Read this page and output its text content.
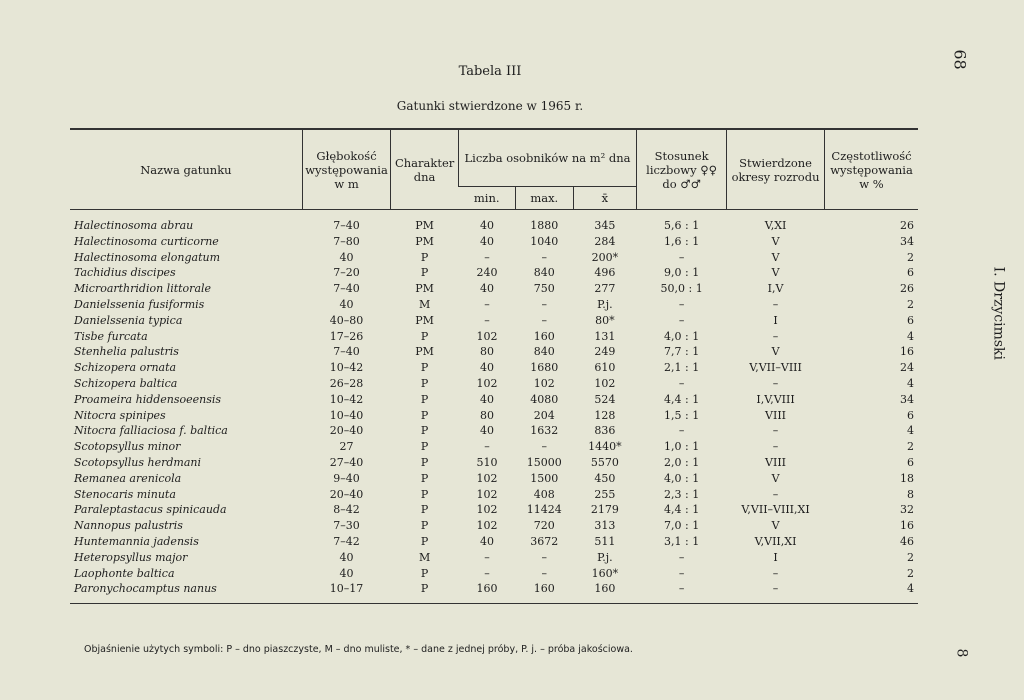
Tabela III
Gatunki stwierdzone w 1965 r.
68
I. Drzycimski
8
Nazwa gatunku	Głębokość występowania w m	Charakter dna	Liczba osobników na m² dna			Stosunek liczbowy ♀♀ do ♂♂	Stwierdzone okresy rozrodu	Częstotliwość występowania w %
			min.	max.	x̄			
Halectinosoma abrau	7–40	PM	40	1880	345	5,6 : 1	V,XI	26
Halectinosoma curticorne	7–80	PM	40	1040	284	1,6 : 1	V	34
Halectinosoma elongatum	40	P	–	–	200*	–	V	2
Tachidius discipes	7–20	P	240	840	496	9,0 : 1	V	6
Microarthridion littorale	7–40	PM	40	750	277	50,0 : 1	I,V	26
Danielssenia fusiformis	40	M	–	–	P.j.	–	–	2
Danielssenia typica	40–80	PM	–	–	80*	–	I	6
Tisbe furcata	17–26	P	102	160	131	4,0 : 1	–	4
Stenhelia palustris	7–40	PM	80	840	249	7,7 : 1	V	16
Schizopera ornata	10–42	P	40	1680	610	2,1 : 1	V,VII–VIII	24
Schizopera baltica	26–28	P	102	102	102	–	–	4
Proameira hiddensoeensis	10–42	P	40	4080	524	4,4 : 1	I,V,VIII	34
Nitocra spinipes	10–40	P	80	204	128	1,5 : 1	VIII	6
Nitocra falliaciosa f. baltica	20–40	P	40	1632	836	–	–	4
Scotopsyllus minor	27	P	–	–	1440*	1,0 : 1	–	2
Scotopsyllus herdmani	27–40	P	510	15000	5570	2,0 : 1	VIII	6
Remanea arenicola	9–40	P	102	1500	450	4,0 : 1	V	18
Stenocaris minuta	20–40	P	102	408	255	2,3 : 1	–	8
Paraleptastacus spinicauda	8–42	P	102	11424	2179	4,4 : 1	V,VII–VIII,XI	32
Nannopus palustris	7–30	P	102	720	313	7,0 : 1	V	16
Huntemannia jadensis	7–42	P	40	3672	511	3,1 : 1	V,VII,XI	46
Heteropsyllus major	40	M	–	–	P.j.	–	I	2
Laophonte baltica	40	P	–	–	160*	–	–	2
Paronychocamptus nanus	10–17	P	160	160	160	–	–	4
Objaśnienie użytych symboli: P – dno piaszczyste, M – dno muliste, * – dane z jednej próby, P. j. – próba jakościowa.
